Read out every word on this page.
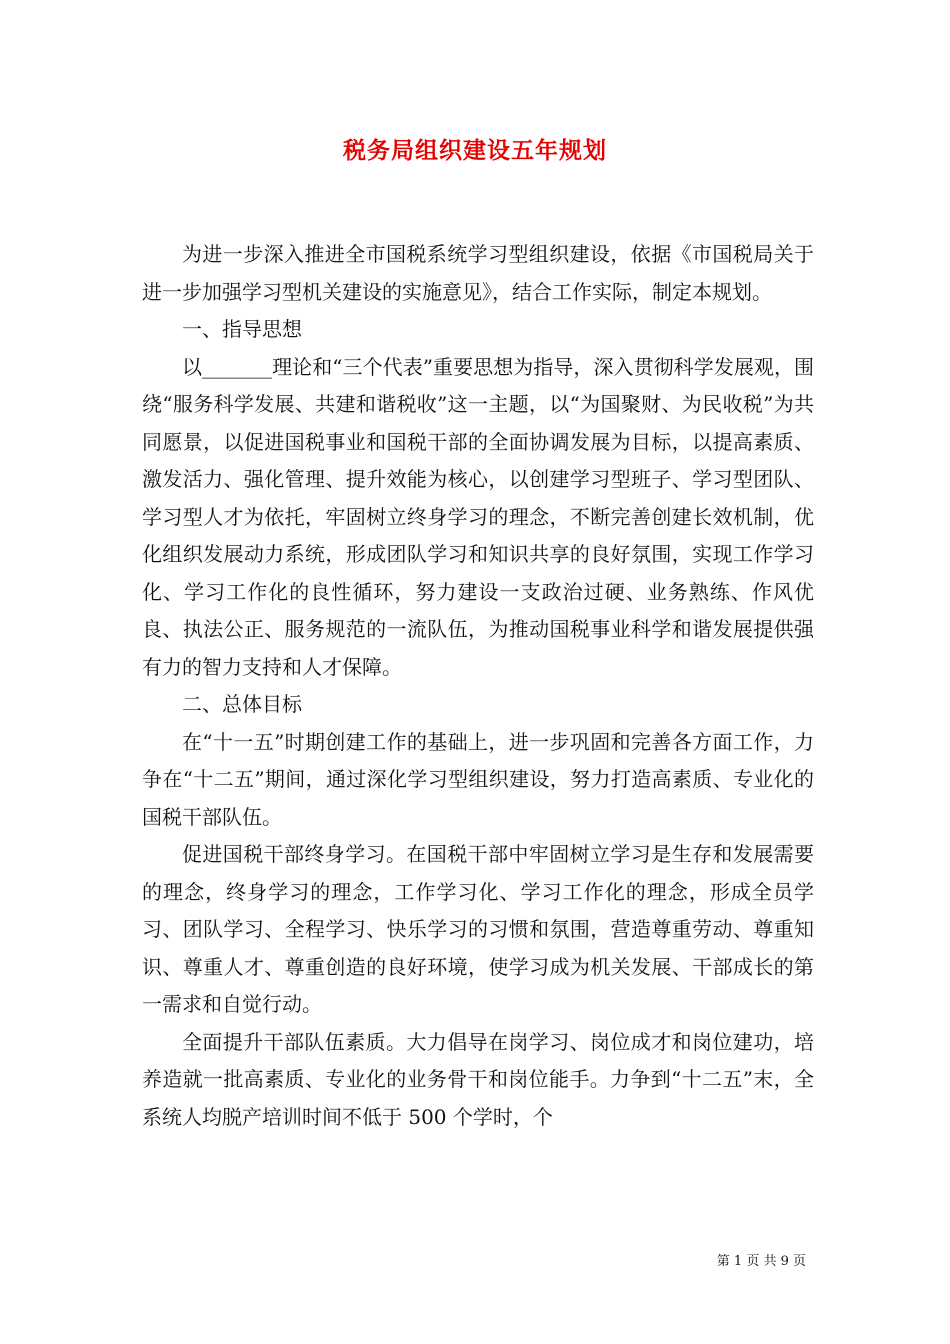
税务局组织建设五年规划

为进一步深入推进全市国税系统学习型组织建设，依据《市国税局关于进一步加强学习型机关建设的实施意见》，结合工作实际，制定本规划。

一、指导思想

以_______理论和“三个代表”重要思想为指导，深入贯彻科学发展观，围绕“服务科学发展、共建和谐税收”这一主题，以“为国聚财、为民收税”为共同愿景，以促进国税事业和国税干部的全面协调发展为目标，以提高素质、激发活力、强化管理、提升效能为核心，以创建学习型班子、学习型团队、学习型人才为依托，牢固树立终身学习的理念，不断完善创建长效机制，优化组织发展动力系统，形成团队学习和知识共享的良好氛围，实现工作学习化、学习工作化的良性循环，努力建设一支政治过硬、业务熟练、作风优良、执法公正、服务规范的一流队伍，为推动国税事业科学和谐发展提供强有力的智力支持和人才保障。

二、总体目标

在“十一五”时期创建工作的基础上，进一步巩固和完善各方面工作，力争在“十二五”期间，通过深化学习型组织建设，努力打造高素质、专业化的国税干部队伍。

促进国税干部终身学习。在国税干部中牢固树立学习是生存和发展需要的理念，终身学习的理念，工作学习化、学习工作化的理念，形成全员学习、团队学习、全程学习、快乐学习的习惯和氛围，营造尊重劳动、尊重知识、尊重人才、尊重创造的良好环境，使学习成为机关发展、干部成长的第一需求和自觉行动。

全面提升干部队伍素质。大力倡导在岗学习、岗位成才和岗位建功，培养造就一批高素质、专业化的业务骨干和岗位能手。力争到“十二五”末，全系统人均脱产培训时间不低于 500 个学时，个

第 1 页 共 9 页
